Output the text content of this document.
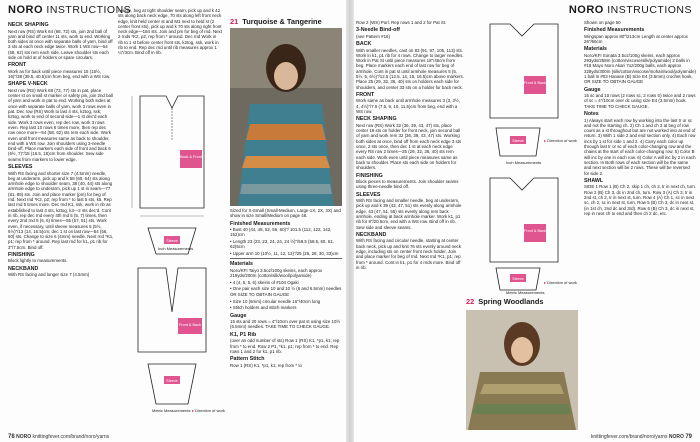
NORO INSTRUCTIONS
NECK SHAPING

Next row (RS) Work 64 (68, 72) sts, join 2nd ball of yarn and bind off center 11 sts, work to end. Working both sides at once with separate balls of yarn, bind off 3 sts at each neck edge twice. Work 1 WS row—54 (58, 62) sts rem each side. Leave shoulder sts each side on hold at of holders or spare circulars.

FRONT

Work as for back until piece measures 15 (15½, 16)"/38 (39.5, 40.5)cm from beg, end with a WS row.

SHAPE V-NECK

Next row (RS) Work 69 (73, 77) sts in pat, place center st on small st marker or safety pin, join 2nd ball of yarn and work in pat to end. Working both sides at once with separate balls of yarn, work 3 rows even in pat. Dec row (RS) Work to last 4 sts, k2tog, ssk; k2tog, work to end of second side—1 st dec'd each side. Work 3 rows even, rep dec row, work 3 rows even. Rep last 10 rows 6 times more, then rep dec row once more—54 (58, 62) sts rem each side. Work even until front measures same as back to shoulder, end with a WS row. Join shoulders using 3-needle bind-off. Place markers each side of front and back 6 (6½, 7)"/15 (16.5, 18)cm from shoulder. Sew side seams from markers to lower edge.

SLEEVES

With RS facing and shorter size 7 (4.5mm) needle, beg at underarm, pick up and k 58 (60, 64) sts along armhole edge to shoulder seam, 38 (40, 44) sts along armhole edge to underarm, pick up 1 st in seam—77 (81, 89) sts. Join and place marker (pm) for beg of rnd. Next rnd *K2, p2; rep from * to last 5 sts, k5. Rep last rnd 5 times more. Dec rnd K1, ssk, work in rib as established to last 4 sts, k2tog, k3—2 sts dec'd. Cont in rib, rep dec rnd every 4th rnd 5 (5, 7) times, then every 2nd rnd 5 (6, 6) times—55 (57, 61) sts. Work even, if necessary, until sleeve measures 5 (5½, 6½)"/13 (14, 16.5)cm; dec 1 st on last row—54 (56, 60) sts. Change to size 6 (4mm) needle. Next rnd *K1, p1; rep from * around. Rep last rnd for k1, p1 rib for 3"/7.5cm. Bind off.

FINISHING

Block lightly to measurements.

NECKBAND

With RS facing and longer size 7 (4.5mm)

needle, beg at right shoulder seam, pick up and k 42 sts along back neck edge, 70 sts along left front neck edge, knit held center st and M1 next to held st (2 center front sts), pick up and k 70 sts along right front neck edge—184 sts. Join and pm for beg of rnd. Next 2 rnds *K2, p2; rep from * around. Dec rnd Work in rib to 1 st before center front sts, k2tog, ssk, work in rib to end. Rep dec rnd until rib measures approx 1 ¼"/3cm. Bind off in rib.

Back & Front
Sleeve
Inch Measurements
Front & Back
Sleeve
Metric Measurements ▸ Direction of work
21 Turquoise & Tangerine

Sized for X-Small (Small-Medium, Large-1X, 2X, 3X) and show in size Small/Medium on page 48.

Finished Measurements

• Bust 40 (44, 48, 52, 56, 60)"/ 101.5 (112, 122, 142, 152)cm

• Length 23 (23, 23, 24, 24, 24 ½)"/58.5 (58.5, 60, 61, 62)5cm

• Upper arm 10 (10½, 11, 12, 13)"/25 (25, 28, 30, 33)cm

Materials

Noro/KFI Taiyo 3.5oz/100g skeins, each approx 219yds/200m (cotton/silk/wool/polyamide)

• 4 (4, 5, 5, 6) skeins of #104 Ogaki

• One pair each size 10 and 10 ½ (6 and 6.5mm) needles OR SIZE TO OBTAIN GAUGE

• Size 10 (6mm) circular needle 16"/40cm long

• Stitch holders and stitch markers

Gauge

15 sts and 20 rows = 4"/10cm over pat st using size 10½ (6.5mm) needles. TAKE TIME TO CHECK GAUGE.

K1, P1 Rib

(over an odd number of sts) Row 1 (RS) K1, *p1, k1; rep from * to end. Row 2 P1, *k1, p1; rep from * to end. Rep rows 1 and 2 for k1, p1 rib.

Pattern Stitch

Row 1 (RS) K1, *p1, k1; rep from * to

78 NORO knittingfever.com/brand/noro/yarns
NORO INSTRUCTIONS

Row 2 (WS) Purl. Rep rows 1 and 2 for Pat St.

3-Needle Bind-off

(see Pattern #16)

BACK

With smaller needles, cast on 83 (91, 97, 105, 113) sts. Work in k1, p1 rib for 4 rows. Change to larger needles. Work in Pat St until piece measures 18"/46cm from beg. Place markers each end of last row for beg of armhole. Cont in pat st until armhole measures 5 (5, 5½, 6, 6½)"/12.5 (12.5, 14, 15, 16.5)cm above markers. Place 25 (29, 32, 36, 40) sts on holders each side for shoulders, and center 33 sts on a holder for back neck.

FRONT

Work same as back until armhole measures 3 (3, 3½, 4, 4½)"/7.5 (7.5, 9, 10, 11.5)cm from beg, end with a WS row.

NECK SHAPING

Next row (RS) Work 32 (36, 39, 43, 47) sts, place center 19 sts on holder for front neck, join second ball of yarn and work rem 32 (36, 39, 43, 47) sts. Working both sides at once, bind off from each neck edge 3 sts once, 2 sts once, then dec 1 st at each neck edge every RS row 2 times—25 (29, 32, 36, 40) sts rem each side. Work even until piece measures same as back to shoulder. Place sts each side on holders for shoulders.

FINISHING

Block pieces to measurements. Join shoulder seams using three-needle bind off.

SLEEVES

With RS facing and smaller needle, beg at underarm, pick up and k 39 (43, 47, 51) sts evenly along armhole edge, 43 (47, 51, 55) sts evenly along rem back armhole, ending at back armhole marker. Work k1, p1 rib for 8"/20.5cm, end with a WS row. Bind off in rib. Sew side and sleeve seams.

NECKBAND

With RS facing and circular needle, starting at center back neck, pick up and knit 76 sts evenly around neck edge, including sts on center front neck holder. Join and place marker for beg of rnd. Next rnd *K1, p1; rep from * around. Cont in k1, p1 for 4 rnds more. Bind off in rib.

Front & Back
Sleeve	▸ Direction of work
Inch Measurements
Front & Back
Sleeve
Metric Measurements
▸ Direction of work
22 Spring Woodlands

Shown on page 50

Finished Measurements

Wingspan approx 80"/213cm Length at center approx 26"/66cm

Materials

Noro/KFI Sonata 3.5oz/100g skeins, each approx 293yds/258m (cotton/viscose/silk/polyamide) 2 balls in #18 Mayo Noro Akari 7oz/200g balls, each approx 328yds/300m (silk/cotton/viscose/mohair/wool/polyamide) 1 ball in #03 Hanase (B) Size E4 (3.5mm) crochet hook, OR SIZE TO OBTAIN GAUGE

Gauge

15 sc and 10 rows (2 rows sc, 2 rows tr) twice and 2 rows of sc = 4"/10cm over dc using size E4 (3.5mm) hook. TAKE TIME TO CHECK GAUGE.

Notes

1) Always start each row by working into the last tr or sc and not the starting ch. 2) Ch 1 and ch 3 at beg of row count as a st throughout but are not worked into at end of return. 3) With 1 side 2 and end section only. 4) Each row incs by 1 st for side 1 and 2. 4) Carry each color up through last tr or sc of each color-changing row and the chains at the start of each color-changing row. 5) Color B will inc by one in each row. 6) Color A will inc by 2 in each section. In Both rows of each section will be the same and next section will be 2 rows. These will be reversed for side 2.

SHAWL

SIDE 1 Row 1 (B) Ch 2, skip 1 ch, ch 2, tr in next ch, turn. Row 2 (B) Ch 3, dc in 2nd ch, turn. Row 3 (A) Ch 3, tr in 2nd st, ch 2, tr in next st, turn. Row 4 (A) Ch 1, sc in next sc, ch 2, sc in next st, turn. Row 5 (B) Ch 3, dc in next st, (in 1st ch, 2nd dc and 3rd). Row 6 (B) Ch 3, dc in next st, rep in next ch to end and then ch 2 dc, etc.

knittingfever.com/brand/noro/yarns NORO 79
